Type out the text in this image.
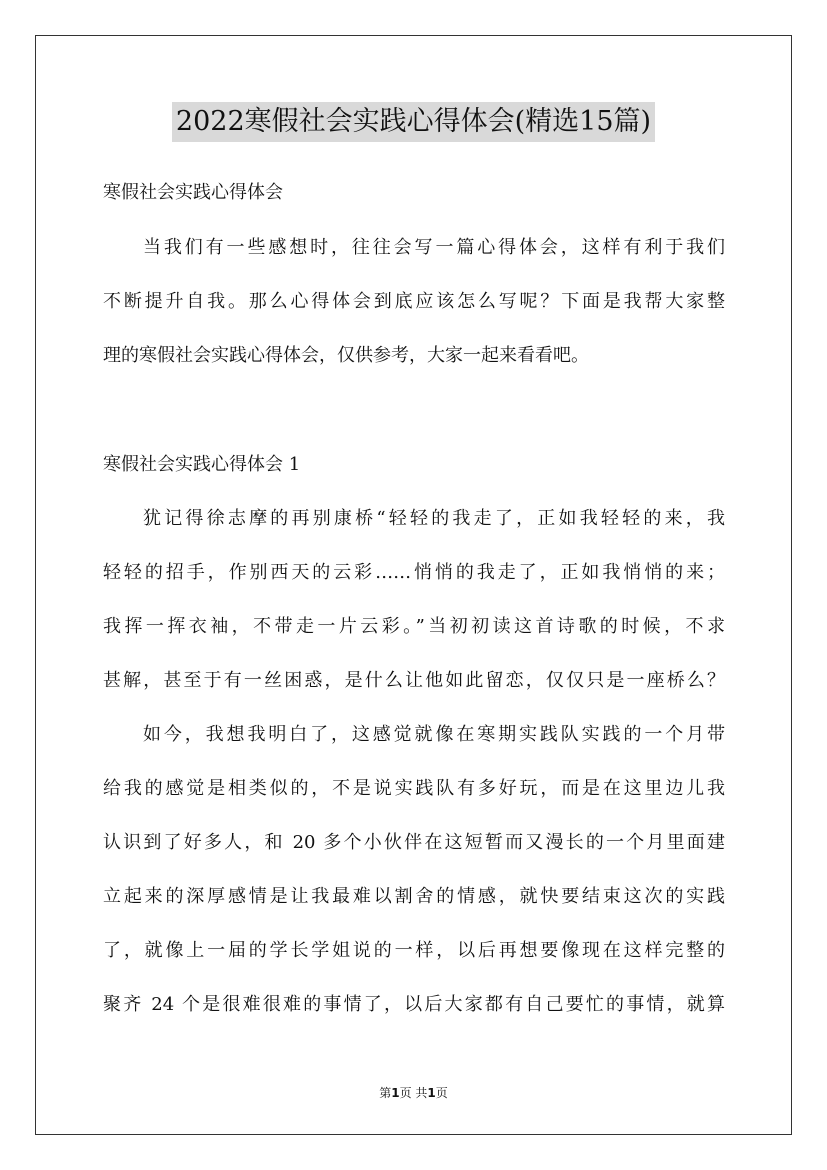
2022寒假社会实践心得体会(精选15篇)
寒假社会实践心得体会
当我们有一些感想时，往往会写一篇心得体会，这样有利于我们
不断提升自我。那么心得体会到底应该怎么写呢？下面是我帮大家整
理的寒假社会实践心得体会，仅供参考，大家一起来看看吧。
寒假社会实践心得体会 1
犹记得徐志摩的再别康桥“轻轻的我走了，正如我轻轻的来，我
轻轻的招手，作别西天的云彩……悄悄的我走了，正如我悄悄的来；
我挥一挥衣袖，不带走一片云彩。”当初初读这首诗歌的时候，不求
甚解，甚至于有一丝困惑，是什么让他如此留恋，仅仅只是一座桥么？
如今，我想我明白了，这感觉就像在寒期实践队实践的一个月带
给我的感觉是相类似的，不是说实践队有多好玩，而是在这里边儿我
认识到了好多人，和 20 多个小伙伴在这短暂而又漫长的一个月里面建
立起来的深厚感情是让我最难以割舍的情感，就快要结束这次的实践
了，就像上一届的学长学姐说的一样，以后再想要像现在这样完整的
聚齐 24 个是很难很难的事情了，以后大家都有自己要忙的事情，就算
第1页 共1页
